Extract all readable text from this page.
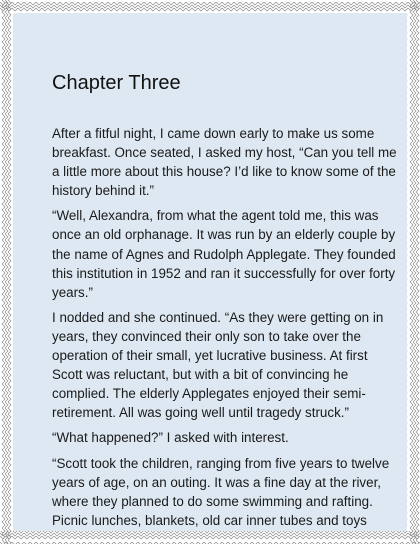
Chapter Three

After a fitful night, I came down early to make us some
breakfast. Once seated, I asked my host, “Can you tell me
a little more about this house? I’d like to know some of the
history behind it.”

“Well, Alexandra, from what the agent told me, this was
once an old orphanage. It was run by an elderly couple by
the name of Agnes and Rudolph Applegate. They founded
this institution in 1952 and ran it successfully for over forty
years.”

I nodded and she continued. “As they were getting on in
years, they convinced their only son to take over the
operation of their small, yet lucrative business. At first
Scott was reluctant, but with a bit of convincing he
complied. The elderly Applegates enjoyed their semi-
retirement. All was going well until tragedy struck.”

“What happened?” I asked with interest.

“Scott took the children, ranging from five years to twelve
years of age, on an outing. It was a fine day at the river,
where they planned to do some swimming and rafting.
Picnic lunches, blankets, old car inner tubes and toys
